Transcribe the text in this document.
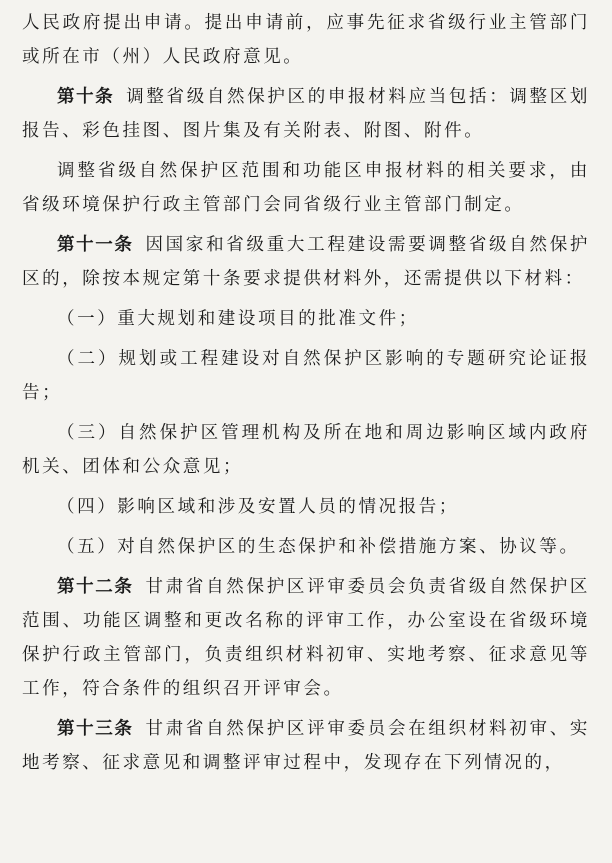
人民政府提出申请。提出申请前，应事先征求省级行业主管部门或所在市（州）人民政府意见。

第十条 调整省级自然保护区的申报材料应当包括：调整区划报告、彩色挂图、图片集及有关附表、附图、附件。

调整省级自然保护区范围和功能区申报材料的相关要求，由省级环境保护行政主管部门会同省级行业主管部门制定。

第十一条 因国家和省级重大工程建设需要调整省级自然保护区的，除按本规定第十条要求提供材料外，还需提供以下材料：

（一）重大规划和建设项目的批准文件；

（二）规划或工程建设对自然保护区影响的专题研究论证报告；

（三）自然保护区管理机构及所在地和周边影响区域内政府机关、团体和公众意见；

（四）影响区域和涉及安置人员的情况报告；

（五）对自然保护区的生态保护和补偿措施方案、协议等。

第十二条 甘肃省自然保护区评审委员会负责省级自然保护区范围、功能区调整和更改名称的评审工作，办公室设在省级环境保护行政主管部门，负责组织材料初审、实地考察、征求意见等工作，符合条件的组织召开评审会。

第十三条 甘肃省自然保护区评审委员会在组织材料初审、实地考察、征求意见和调整评审过程中，发现存在下列情况的，
